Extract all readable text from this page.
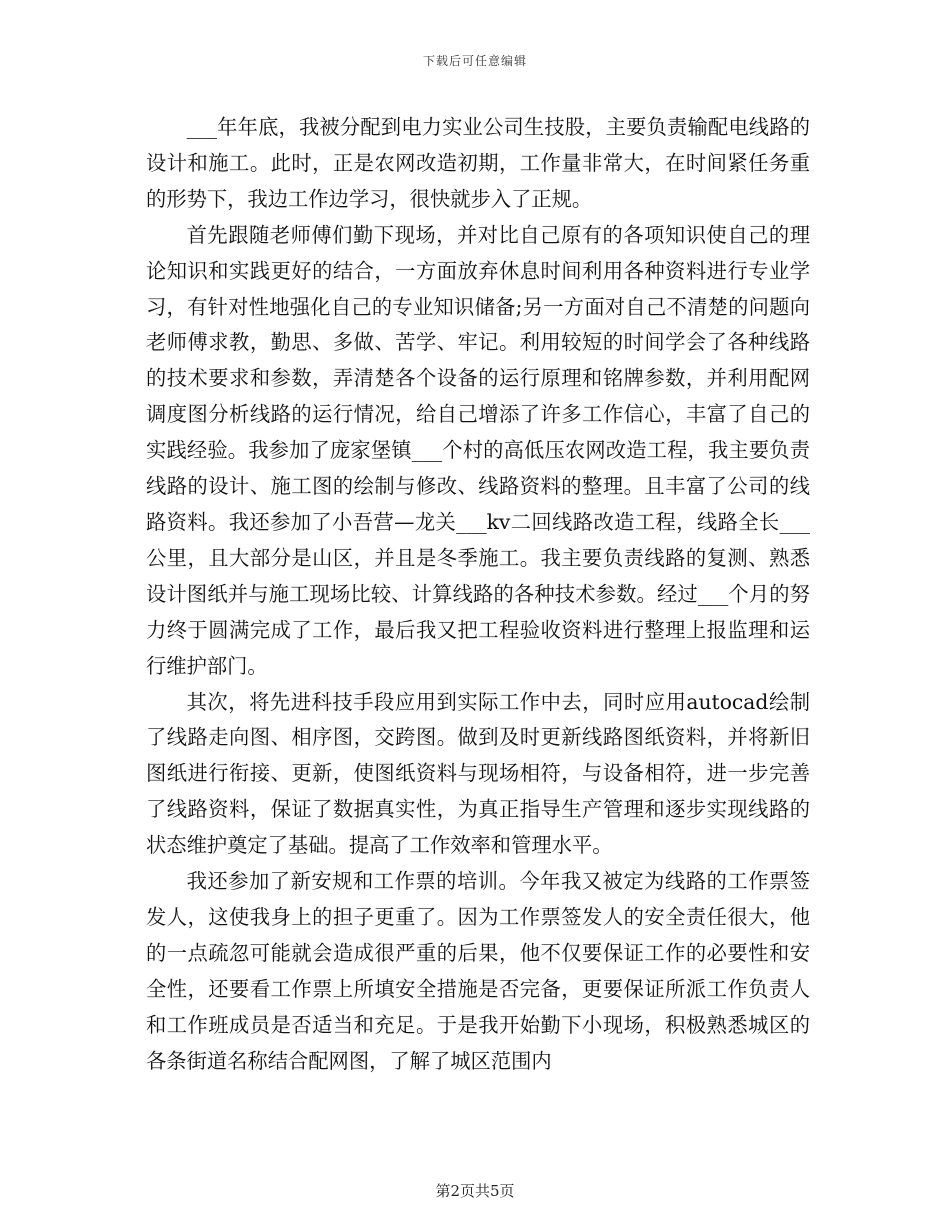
下载后可任意编辑

___年年底，我被分配到电力实业公司生技股，主要负责输配电线路的设计和施工。此时，正是农网改造初期，工作量非常大，在时间紧任务重的形势下，我边工作边学习，很快就步入了正规。

首先跟随老师傅们勤下现场，并对比自己原有的各项知识使自己的理论知识和实践更好的结合，一方面放弃休息时间利用各种资料进行专业学习，有针对性地强化自己的专业知识储备;另一方面对自己不清楚的问题向老师傅求教，勤思、多做、苦学、牢记。利用较短的时间学会了各种线路的技术要求和参数，弄清楚各个设备的运行原理和铭牌参数，并利用配网调度图分析线路的运行情况，给自己增添了许多工作信心，丰富了自己的实践经验。我参加了庞家堡镇___个村的高低压农网改造工程，我主要负责线路的设计、施工图的绘制与修改、线路资料的整理。且丰富了公司的线路资料。我还参加了小吾营—龙关___kv二回线路改造工程，线路全长___公里，且大部分是山区，并且是冬季施工。我主要负责线路的复测、熟悉设计图纸并与施工现场比较、计算线路的各种技术参数。经过___个月的努力终于圆满完成了工作，最后我又把工程验收资料进行整理上报监理和运行维护部门。

其次，将先进科技手段应用到实际工作中去，同时应用autocad绘制了线路走向图、相序图，交跨图。做到及时更新线路图纸资料，并将新旧图纸进行衔接、更新，使图纸资料与现场相符，与设备相符，进一步完善了线路资料，保证了数据真实性，为真正指导生产管理和逐步实现线路的状态维护奠定了基础。提高了工作效率和管理水平。

我还参加了新安规和工作票的培训。今年我又被定为线路的工作票签发人，这使我身上的担子更重了。因为工作票签发人的安全责任很大，他的一点疏忽可能就会造成很严重的后果，他不仅要保证工作的必要性和安全性，还要看工作票上所填安全措施是否完备，更要保证所派工作负责人和工作班成员是否适当和充足。于是我开始勤下小现场，积极熟悉城区的各条街道名称结合配网图，了解了城区范围内

第2页共5页
